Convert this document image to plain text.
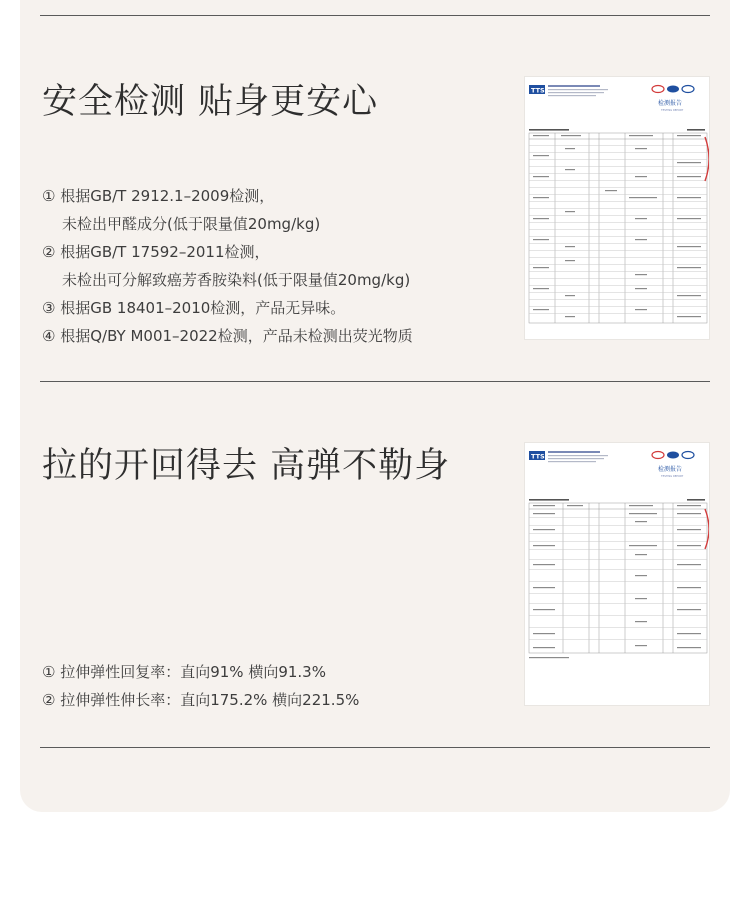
安全检测 贴身更安心
① 根据GB/T 2912.1–2009检测，
未检出甲醛成分(低于限量值20mg/kg)
② 根据GB/T 17592–2011检测，
未检出可分解致癌芳香胺染料(低于限量值20mg/kg)
③ 根据GB 18401–2010检测，产品无异味。
④ 根据Q/BY M001–2022检测，产品未检测出荧光物质
TTS
检测报告
TESTING REPORT
拉的开回得去 高弹不勒身
① 拉伸弹性回复率：直向91% 横向91.3%
② 拉伸弹性伸长率：直向175.2% 横向221.5%
TTS
检测报告
TESTING REPORT
